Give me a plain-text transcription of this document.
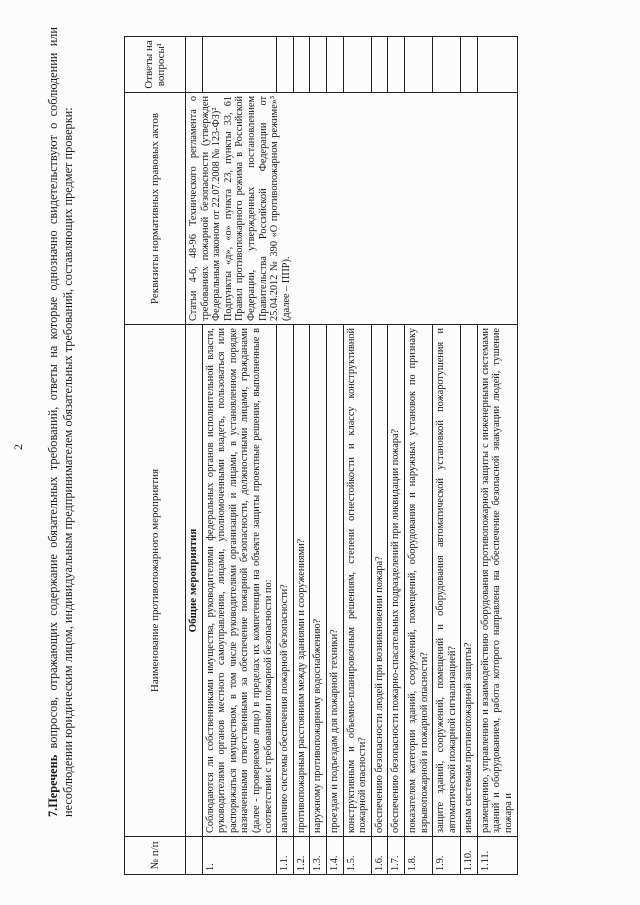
2
7.Перечень вопросов, отражающих содержание обязательных требований, ответы на которые однозначно свидетельствуют о соблюдении или несоблюдении юридическим лицом, индивидуальным предпринимателем обязательных требований, составляющих предмет проверки:
№ п/п	Наименование противопожарного мероприятия	Реквизиты нормативных правовых актов	Ответы на вопросы¹
	Общие мероприятия	Статьи 4-6, 48-96 Технического регламента о требованиях пожарной безопасности (утвержден Федеральным законом от 22.07.2008 № 123-ФЗ)²
Подпункты «д», «о» пункта 23, пункты 33, 61 Правил противопожарного режима в Российской Федерации, утвержденных постановлением Правительства Российской Федерации от 25.04.2012 № 390 «О противопожарном режиме»³ (далее – ППР).	
1.	Соблюдаются ли собственниками имущества, руководителями федеральных органов исполнительной власти, руководителями органов местного самоуправления, лицами, уполномоченными владеть, пользоваться или распоряжаться имуществом, в том числе руководителями организаций и лицами, в установленном порядке назначенными ответственными за обеспечение пожарной безопасности, должностными лицами, гражданами (далее - проверяемое лицо) в пределах их компетенции на объекте защиты проектные решения, выполненные в соответствии с требованиями пожарной безопасности по:		
1.1.	наличию системы обеспечения пожарной безопасности?		
1.2.	противопожарным расстояниям между зданиями и сооружениями?		
1.3.	наружному противопожарному водоснабжению?		
1.4.	проездам и подъездам для пожарной техники?		
1.5.	конструктивным и объемно-планировочным решениям, степени огнестойкости и классу конструктивной пожарной опасности?		
1.6.	обеспечению безопасности людей при возникновении пожара?		
1.7.	обеспечению безопасности пожарно-спасательных подразделений при ликвидации пожара?		
1.8.	показателям категории зданий, сооружений, помещений, оборудования и наружных установок по признаку взрывопожарной и пожарной опасности?		
1.9.	защите зданий, сооружений, помещений и оборудования автоматической установкой пожаротушения и автоматической пожарной сигнализацией?		
1.10.	иным системам противопожарной защиты?		
1.11.	размещению, управлению и взаимодействию оборудования противопожарной защиты с инженерными системами зданий и оборудованием, работа которого направлена на обеспечение безопасной эвакуации людей, тушение пожара и		
